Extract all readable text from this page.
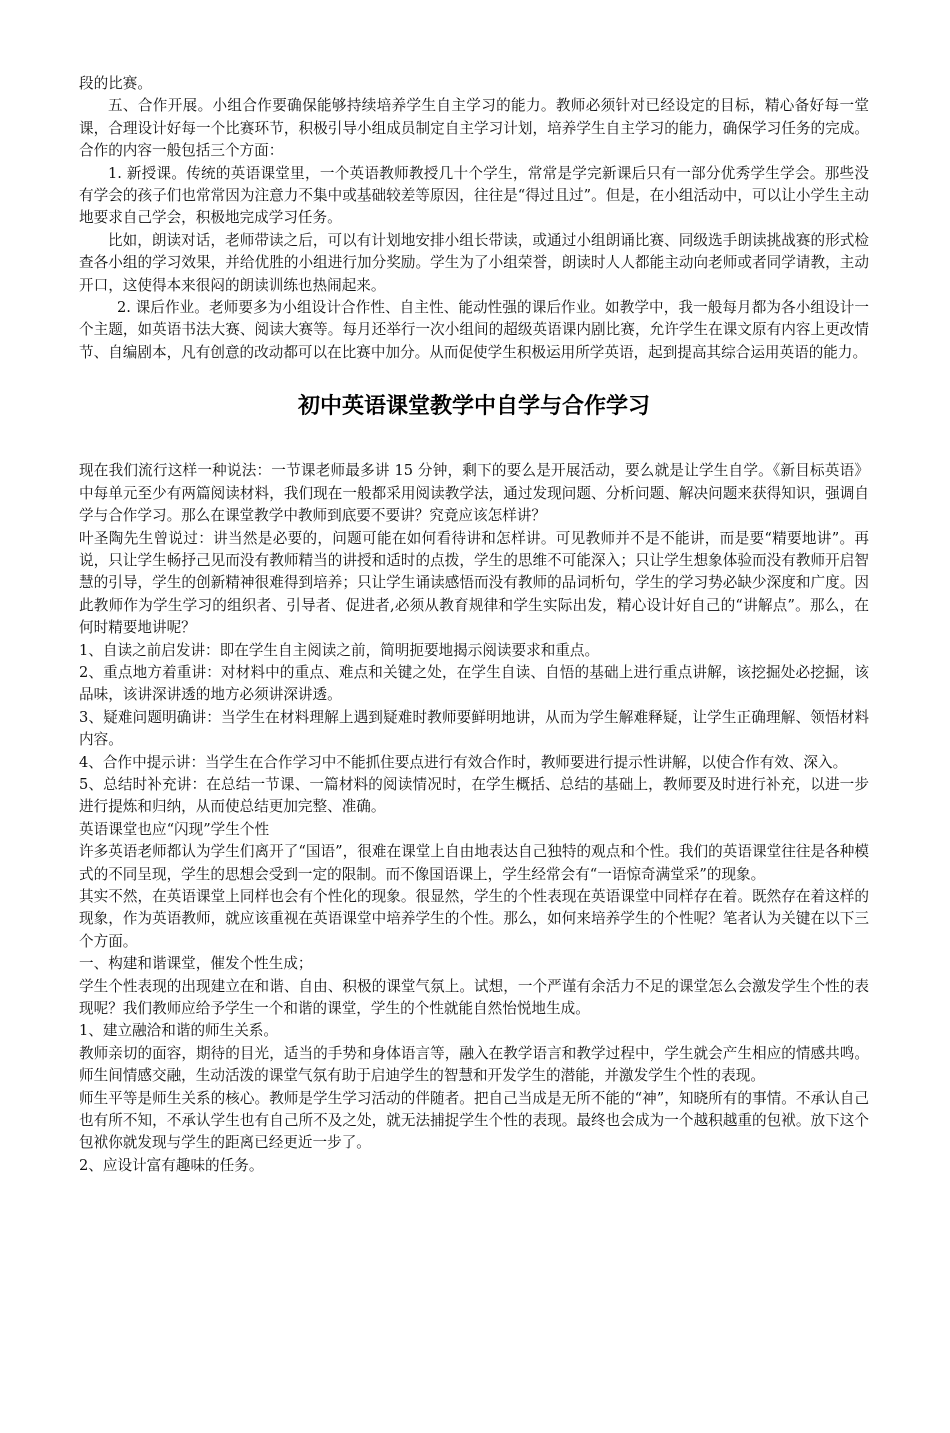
段的比赛。

五、合作开展。小组合作要确保能够持续培养学生自主学习的能力。教师必须针对已经设定的目标，精心备好每一堂课，合理设计好每一个比赛环节，积极引导小组成员制定自主学习计划，培养学生自主学习的能力，确保学习任务的完成。合作的内容一般包括三个方面：

1. 新授课。传统的英语课堂里，一个英语教师教授几十个学生，常常是学完新课后只有一部分优秀学生学会。那些没有学会的孩子们也常常因为注意力不集中或基础较差等原因，往往是“得过且过”。但是，在小组活动中，可以让小学生主动地要求自己学会，积极地完成学习任务。

比如，朗读对话，老师带读之后，可以有计划地安排小组长带读，或通过小组朗诵比赛、同级选手朗读挑战赛的形式检查各小组的学习效果，并给优胜的小组进行加分奖励。学生为了小组荣誉，朗读时人人都能主动向老师或者同学请教，主动开口，这使得本来很闷的朗读训练也热闹起来。

2. 课后作业。老师要多为小组设计合作性、自主性、能动性强的课后作业。如教学中，我一般每月都为各小组设计一个主题，如英语书法大赛、阅读大赛等。每月还举行一次小组间的超级英语课内剧比赛，允许学生在课文原有内容上更改情节、自编剧本，凡有创意的改动都可以在比赛中加分。从而促使学生积极运用所学英语，起到提高其综合运用英语的能力。

初中英语课堂教学中自学与合作学习

现在我们流行这样一种说法：一节课老师最多讲 15 分钟，剩下的要么是开展活动，要么就是让学生自学。《新目标英语》中每单元至少有两篇阅读材料，我们现在一般都采用阅读教学法，通过发现问题、分析问题、解决问题来获得知识，强调自学与合作学习。那么在课堂教学中教师到底要不要讲？究竟应该怎样讲？

叶圣陶先生曾说过：讲当然是必要的，问题可能在如何看待讲和怎样讲。可见教师并不是不能讲，而是要“精要地讲”。再说，只让学生畅抒己见而没有教师精当的讲授和适时的点拨，学生的思维不可能深入；只让学生想象体验而没有教师开启智慧的引导，学生的创新精神很难得到培养；只让学生诵读感悟而没有教师的品词析句，学生的学习势必缺少深度和广度。因此教师作为学生学习的组织者、引导者、促进者,必须从教育规律和学生实际出发，精心设计好自己的“讲解点”。那么，在何时精要地讲呢？

1、自读之前启发讲：即在学生自主阅读之前，简明扼要地揭示阅读要求和重点。

2、重点地方着重讲：对材料中的重点、难点和关键之处，在学生自读、自悟的基础上进行重点讲解，该挖掘处必挖掘，该品味，该讲深讲透的地方必须讲深讲透。

3、疑难问题明确讲：当学生在材料理解上遇到疑难时教师要鲜明地讲，从而为学生解难释疑，让学生正确理解、领悟材料内容。

4、合作中提示讲：当学生在合作学习中不能抓住要点进行有效合作时，教师要进行提示性讲解，以使合作有效、深入。

5、总结时补充讲：在总结一节课、一篇材料的阅读情况时，在学生概括、总结的基础上，教师要及时进行补充，以进一步进行提炼和归纳，从而使总结更加完整、准确。

英语课堂也应“闪现”学生个性

许多英语老师都认为学生们离开了“国语”，很难在课堂上自由地表达自己独特的观点和个性。我们的英语课堂往往是各种模式的不同呈现，学生的思想会受到一定的限制。而不像国语课上，学生经常会有“一语惊奇满堂采”的现象。

其实不然，在英语课堂上同样也会有个性化的现象。很显然，学生的个性表现在英语课堂中同样存在着。既然存在着这样的现象，作为英语教师，就应该重视在英语课堂中培养学生的个性。那么，如何来培养学生的个性呢？笔者认为关键在以下三个方面。

一、构建和谐课堂，催发个性生成；

学生个性表现的出现建立在和谐、自由、积极的课堂气氛上。试想，一个严谨有余活力不足的课堂怎么会激发学生个性的表现呢？我们教师应给予学生一个和谐的课堂，学生的个性就能自然怡悦地生成。

1、建立融洽和谐的师生关系。

教师亲切的面容，期待的目光，适当的手势和身体语言等，融入在教学语言和教学过程中，学生就会产生相应的情感共鸣。师生间情感交融，生动活泼的课堂气氛有助于启迪学生的智慧和开发学生的潜能，并激发学生个性的表现。

师生平等是师生关系的核心。教师是学生学习活动的伴随者。把自己当成是无所不能的“神”，知晓所有的事情。不承认自己也有所不知，不承认学生也有自己所不及之处，就无法捕捉学生个性的表现。最终也会成为一个越积越重的包袱。放下这个包袱你就发现与学生的距离已经更近一步了。

2、应设计富有趣味的任务。
